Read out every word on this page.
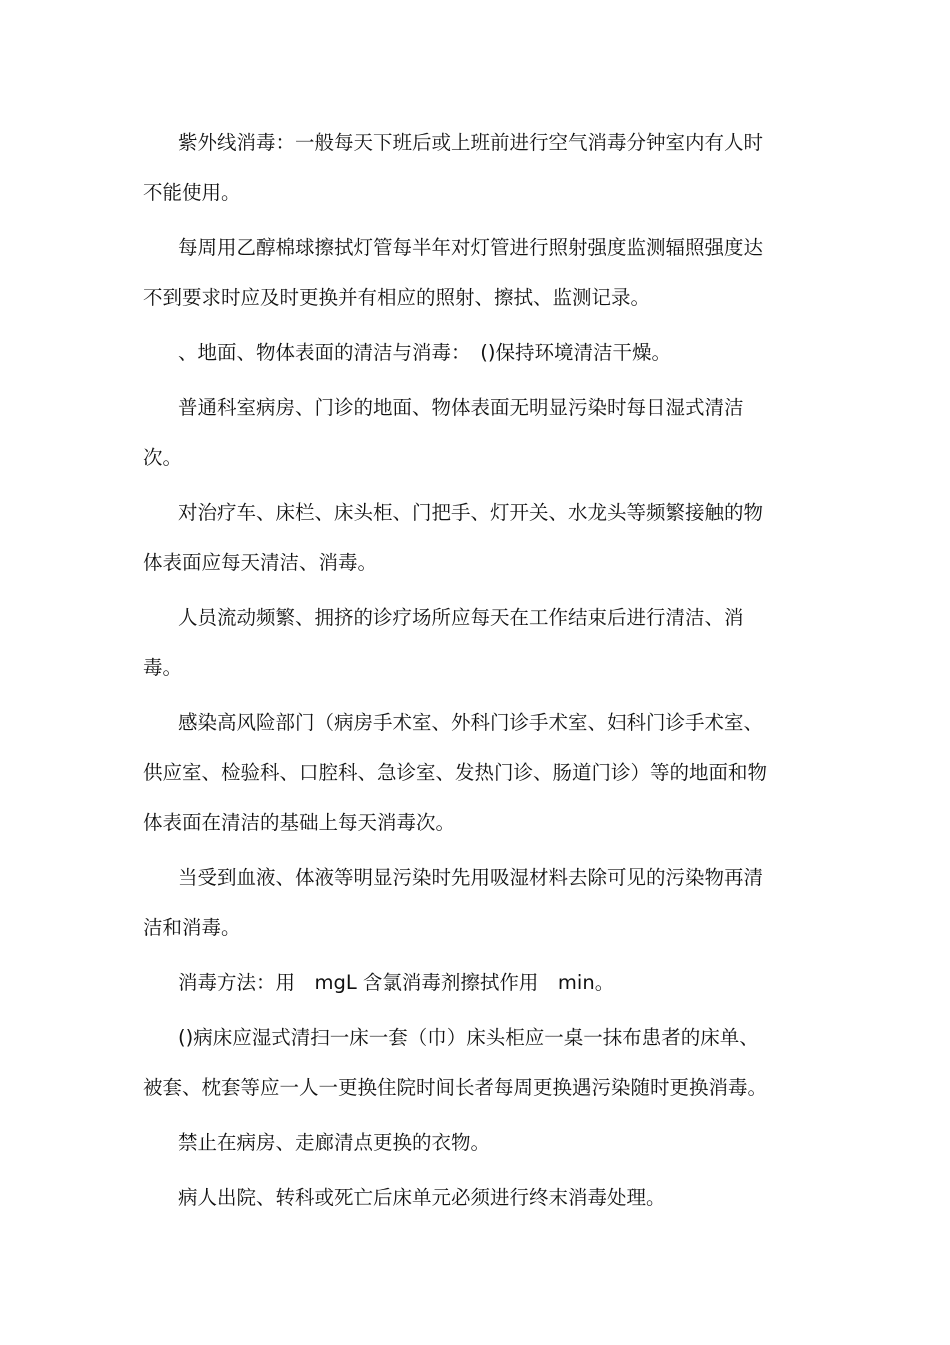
紫外线消毒：一般每天下班后或上班前进行空气消毒分钟室内有人时不能使用。

每周用乙醇棉球擦拭灯管每半年对灯管进行照射强度监测辐照强度达不到要求时应及时更换并有相应的照射、擦拭、监测记录。

、地面、物体表面的清洁与消毒：　()保持环境清洁干燥。

普通科室病房、门诊的地面、物体表面无明显污染时每日湿式清洁次。

对治疗车、床栏、床头柜、门把手、灯开关、水龙头等频繁接触的物体表面应每天清洁、消毒。

人员流动频繁、拥挤的诊疗场所应每天在工作结束后进行清洁、消毒。

感染高风险部门（病房手术室、外科门诊手术室、妇科门诊手术室、供应室、检验科、口腔科、急诊室、发热门诊、肠道门诊）等的地面和物体表面在清洁的基础上每天消毒次。

当受到血液、体液等明显污染时先用吸湿材料去除可见的污染物再清洁和消毒。

消毒方法：用　mgL 含氯消毒剂擦拭作用　min。

()病床应湿式清扫一床一套（巾）床头柜应一桌一抹布患者的床单、被套、枕套等应一人一更换住院时间长者每周更换遇污染随时更换消毒。

禁止在病房、走廊清点更换的衣物。

病人出院、转科或死亡后床单元必须进行终末消毒处理。
